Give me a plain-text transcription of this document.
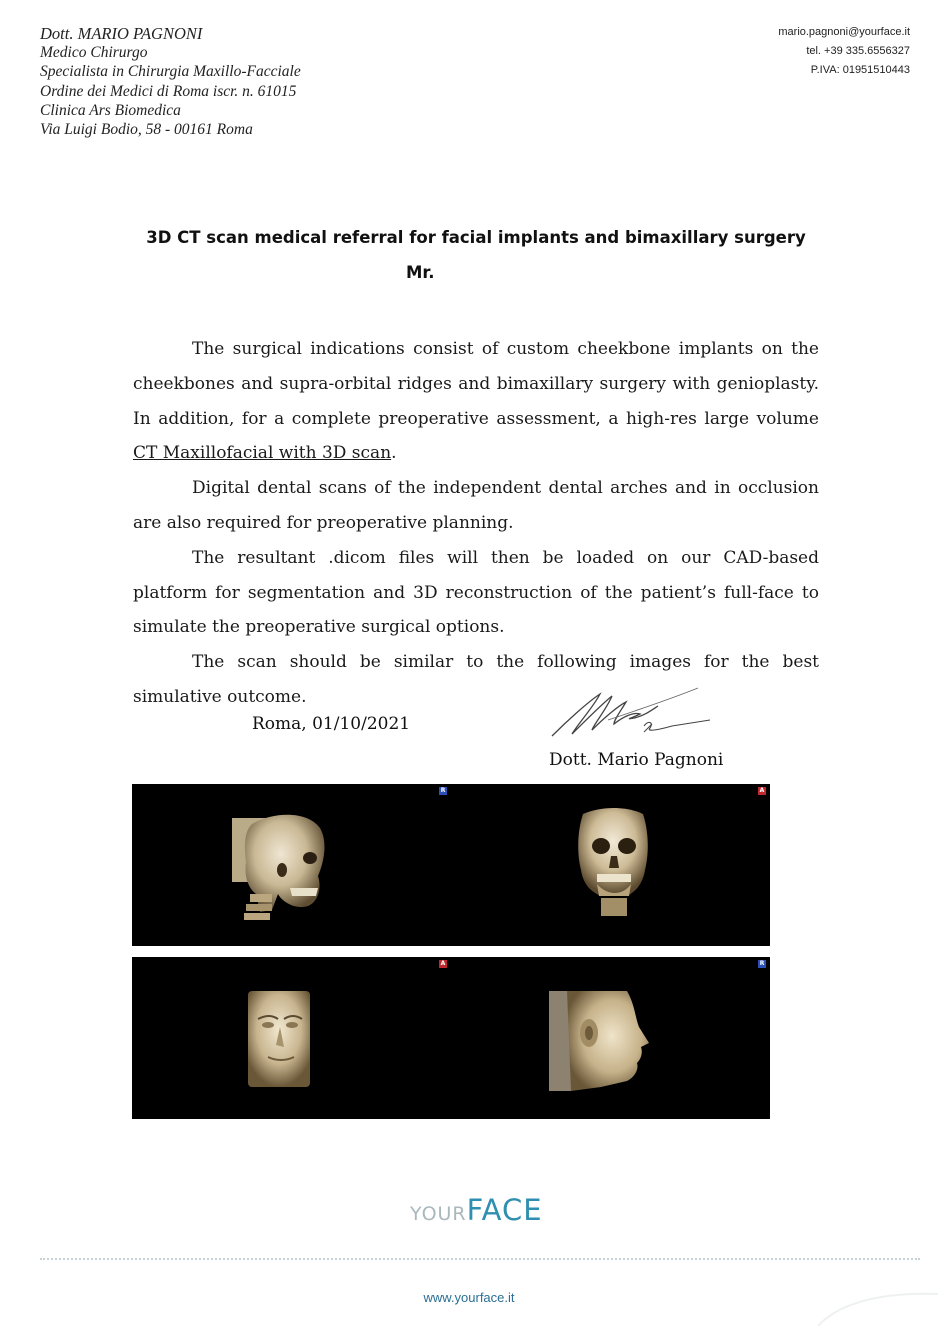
Dott. MARIO PAGNONI
Medico Chirurgo
Specialista in Chirurgia Maxillo-Facciale
Ordine dei Medici di Roma iscr. n. 61015
Clinica Ars Biomedica
Via Luigi Bodio, 58 - 00161 Roma
mario.pagnoni@yourface.it
tel. +39 335.6556327
P.IVA: 01951510443
3D CT scan medical referral for facial implants and bimaxillary surgery
Mr.

The surgical indications consist of custom cheekbone implants on the cheekbones and supra-orbital ridges and bimaxillary surgery with genioplasty. In addition, for a complete preoperative assessment, a high-res large volume CT Maxillofacial with 3D scan.

Digital dental scans of the independent dental arches and in occlusion are also required for preoperative planning.

The resultant .dicom files will then be loaded on our CAD-based platform for segmentation and 3D reconstruction of the patient’s full-face to simulate the preoperative surgical options.

The scan should be similar to the following images for the best simulative outcome.

Roma, 01/10/2021
Dott. Mario Pagnoni
R	A
A	R
YOURFACE
www.yourface.it
